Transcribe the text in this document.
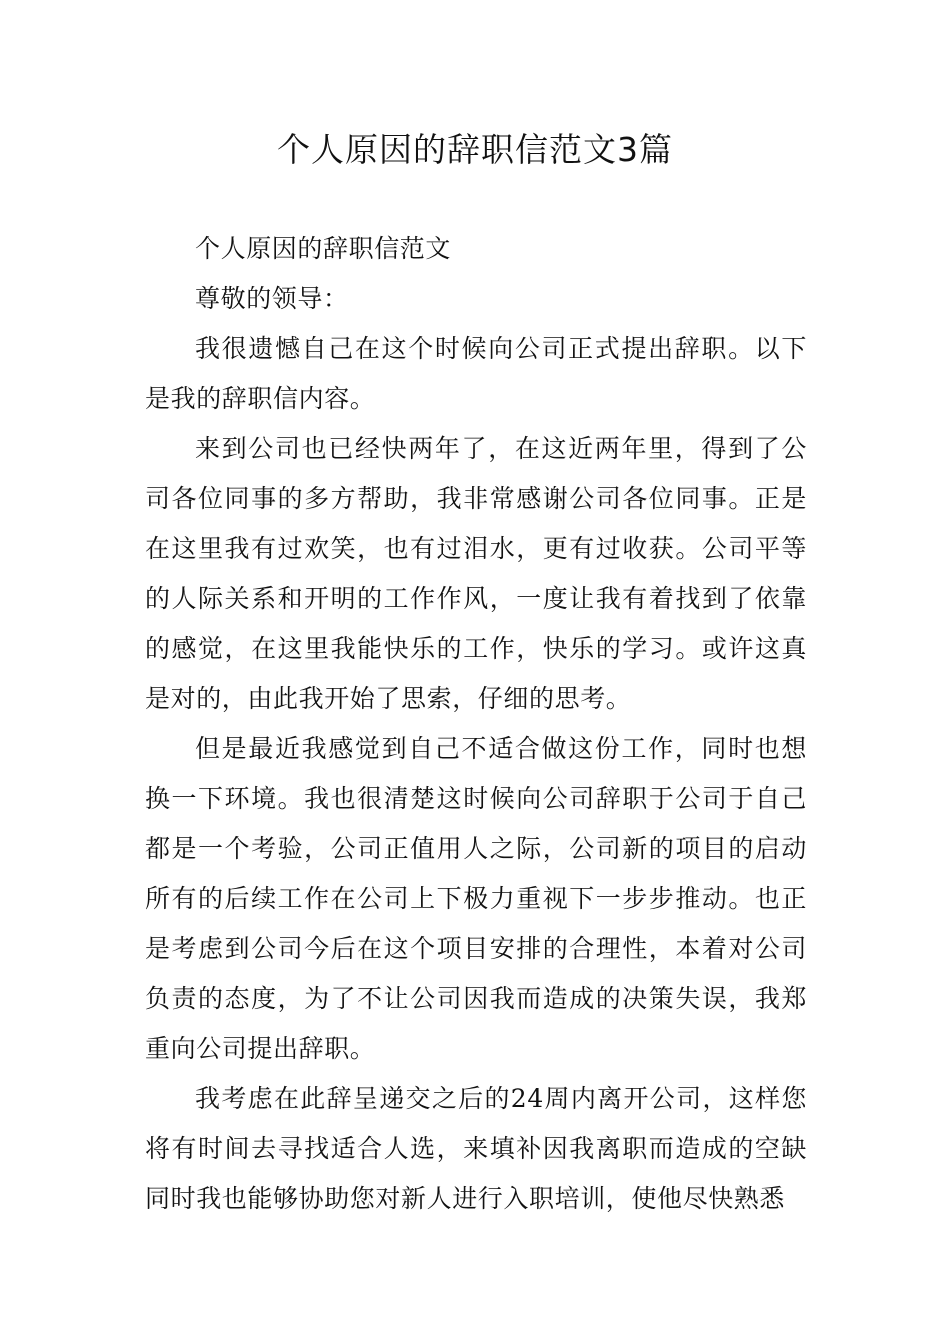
个人原因的辞职信范文3篇

个人原因的辞职信范文

尊敬的领导：

我很遗憾自己在这个时候向公司正式提出辞职。以下是我的辞职信内容。

来到公司也已经快两年了，在这近两年里，得到了公司各位同事的多方帮助，我非常感谢公司各位同事。正是在这里我有过欢笑，也有过泪水，更有过收获。公司平等的人际关系和开明的工作作风，一度让我有着找到了依靠的感觉，在这里我能快乐的工作，快乐的学习。或许这真是对的，由此我开始了思索，仔细的思考。

但是最近我感觉到自己不适合做这份工作，同时也想换一下环境。我也很清楚这时候向公司辞职于公司于自己都是一个考验，公司正值用人之际，公司新的项目的启动所有的后续工作在公司上下极力重视下一步步推动。也正是考虑到公司今后在这个项目安排的合理性，本着对公司负责的态度，为了不让公司因我而造成的决策失误，我郑重向公司提出辞职。

我考虑在此辞呈递交之后的24周内离开公司，这样您将有时间去寻找适合人选，来填补因我离职而造成的空缺同时我也能够协助您对新人进行入职培训，使他尽快熟悉
